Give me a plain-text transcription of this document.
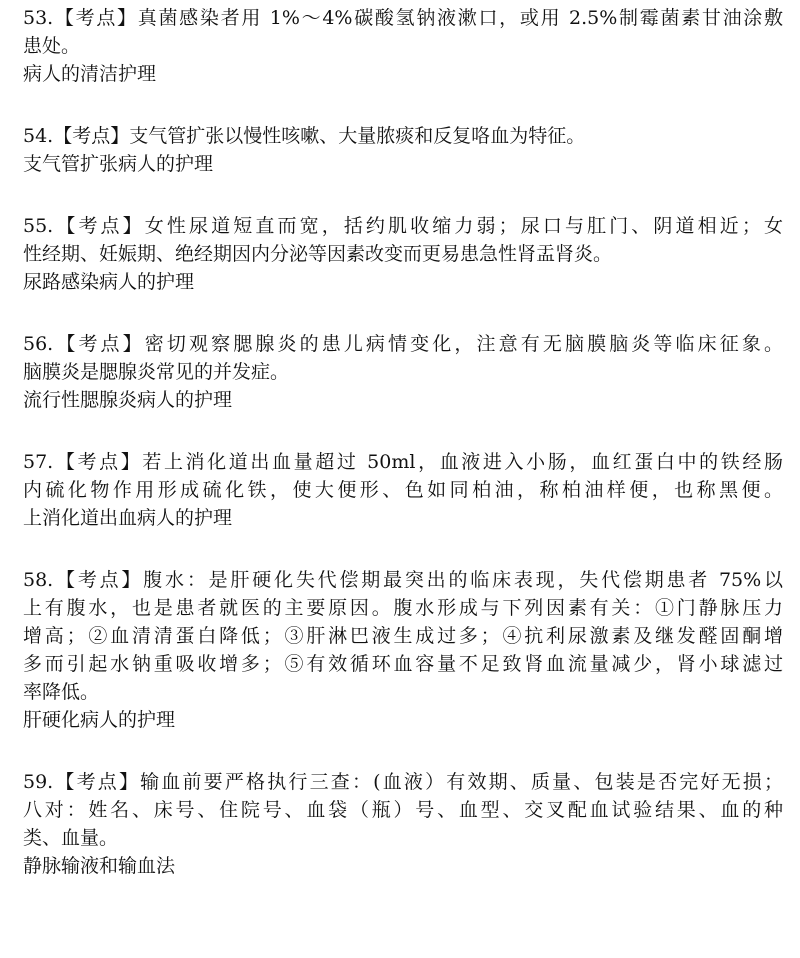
53.【考点】真菌感染者用 1%～4%碳酸氢钠液漱口，或用 2.5%制霉菌素甘油涂敷
患处。
病人的清洁护理
54.【考点】支气管扩张以慢性咳嗽、大量脓痰和反复咯血为特征。
支气管扩张病人的护理
55.【考点】女性尿道短直而宽，括约肌收缩力弱；尿口与肛门、阴道相近；女
性经期、妊娠期、绝经期因内分泌等因素改变而更易患急性肾盂肾炎。
尿路感染病人的护理
56.【考点】密切观察腮腺炎的患儿病情变化，注意有无脑膜脑炎等临床征象。
脑膜炎是腮腺炎常见的并发症。
流行性腮腺炎病人的护理
57.【考点】若上消化道出血量超过 50ml，血液进入小肠，血红蛋白中的铁经肠
内硫化物作用形成硫化铁，使大便形、色如同柏油，称柏油样便，也称黑便。
上消化道出血病人的护理
58.【考点】腹水：是肝硬化失代偿期最突出的临床表现，失代偿期患者 75%以
上有腹水，也是患者就医的主要原因。腹水形成与下列因素有关：①门静脉压力
增高；②血清清蛋白降低；③肝淋巴液生成过多；④抗利尿激素及继发醛固酮增
多而引起水钠重吸收增多；⑤有效循环血容量不足致肾血流量减少，肾小球滤过
率降低。
肝硬化病人的护理
59.【考点】输血前要严格执行三查：(血液）有效期、质量、包装是否完好无损；
八对：姓名、床号、住院号、血袋（瓶）号、血型、交叉配血试验结果、血的种
类、血量。
静脉输液和输血法
